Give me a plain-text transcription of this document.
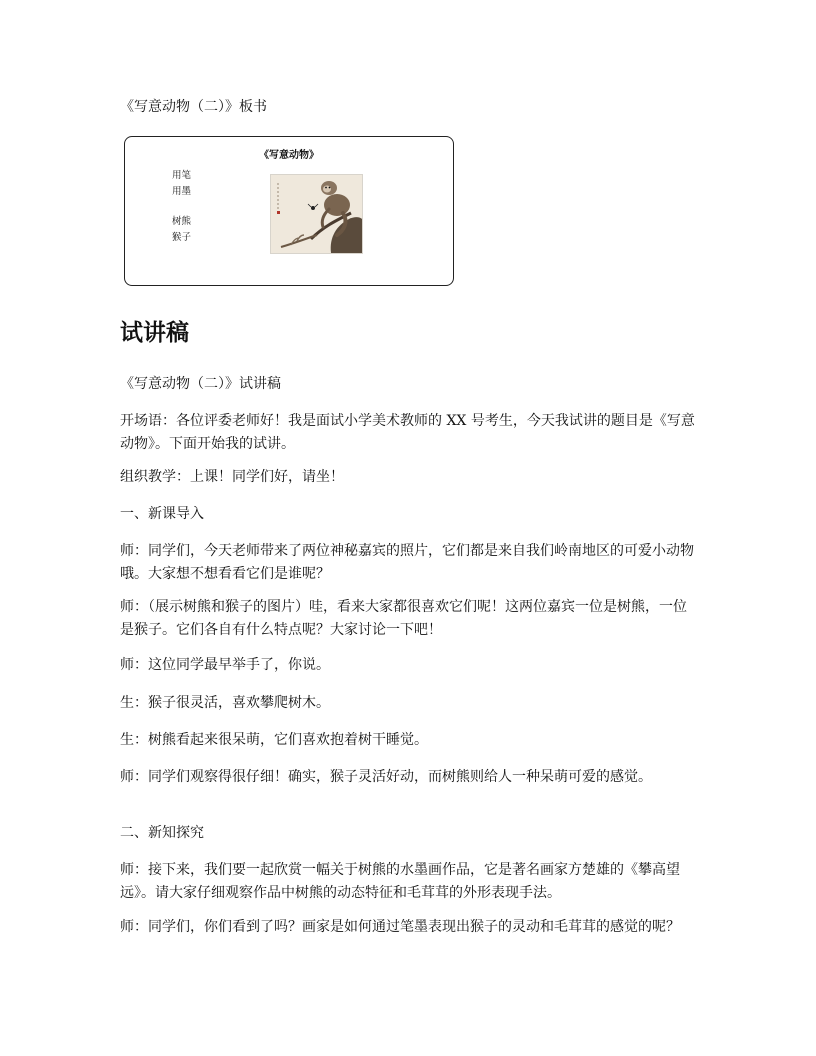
《写意动物（二）》板书
《写意动物》
用笔
用墨
树熊
猴子
试讲稿

《写意动物（二）》试讲稿

开场语：各位评委老师好！我是面试小学美术教师的 XX 号考生，今天我试讲的题目是《写意动物》。下面开始我的试讲。

组织教学：上课！同学们好，请坐！

一、新课导入

师：同学们，今天老师带来了两位神秘嘉宾的照片，它们都是来自我们岭南地区的可爱小动物哦。大家想不想看看它们是谁呢？

师：（展示树熊和猴子的图片）哇，看来大家都很喜欢它们呢！这两位嘉宾一位是树熊，一位是猴子。它们各自有什么特点呢？大家讨论一下吧！

师：这位同学最早举手了，你说。

生：猴子很灵活，喜欢攀爬树木。

生：树熊看起来很呆萌，它们喜欢抱着树干睡觉。

师：同学们观察得很仔细！确实，猴子灵活好动，而树熊则给人一种呆萌可爱的感觉。

二、新知探究

师：接下来，我们要一起欣赏一幅关于树熊的水墨画作品，它是著名画家方楚雄的《攀高望远》。请大家仔细观察作品中树熊的动态特征和毛茸茸的外形表现手法。

师：同学们，你们看到了吗？画家是如何通过笔墨表现出猴子的灵动和毛茸茸的感觉的呢？
